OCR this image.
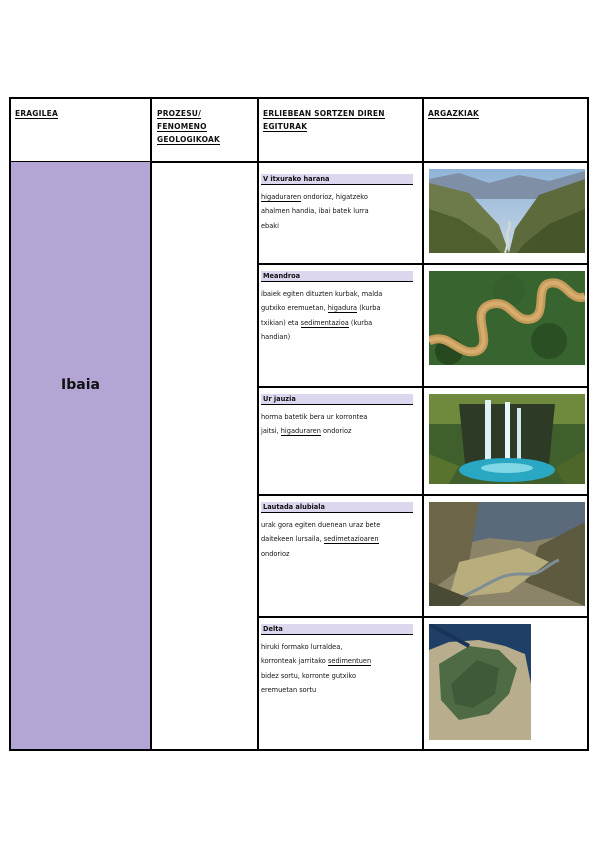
ERAGILEA	PROZESU/
FENOMENO
GEOLOGIKOAK
ERLIEBEAN SORTZEN DIREN
EGITURAK
ARGAZKIAK
Ibaia
V itxurako harana
higaduraren ondorioz, higatzeko
ahalmen handia, ibai batek lurra
ebaki
Meandroa
ibaiek egiten dituzten kurbak, malda
gutxiko eremuetan, higadura (kurba
txikian) eta sedimentazioa (kurba
handian)
Ur jauzia
horma batetik bera ur korrontea
jaitsi, higaduraren ondorioz
Lautada alubiala
urak gora egiten duenean uraz bete
daitekeen lursaila, sedimetazioaren
ondorioz
Delta
hiruki formako lurraldea,
korronteak jarritako sedimentuen
bidez sortu, korronte gutxiko
eremuetan sortu
